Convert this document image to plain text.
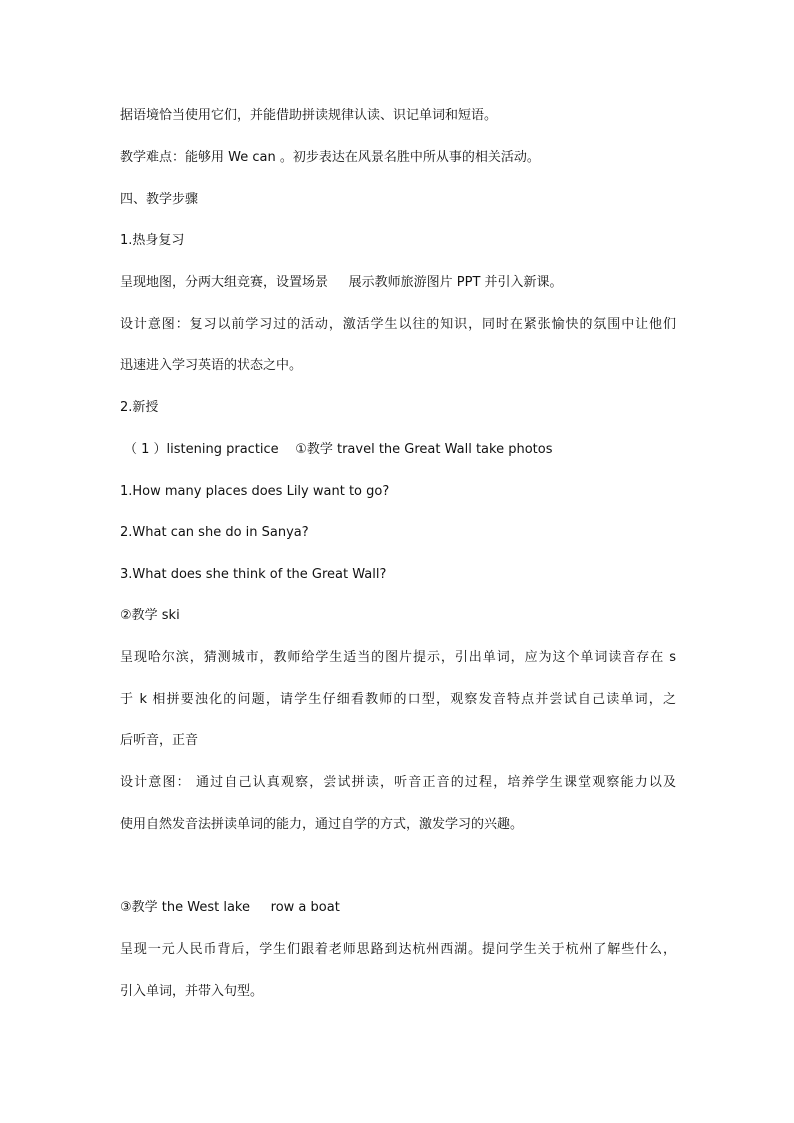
据语境恰当使用它们，并能借助拼读规律认读、识记单词和短语。
教学难点：能够用 We can 。初步表达在风景名胜中所从事的相关活动。
四、教学步骤
1.热身复习
呈现地图，分两大组竞赛，设置场景     展示教师旅游图片 PPT 并引入新课。
设计意图：复习以前学习过的活动，激活学生以往的知识，同时在紧张愉快的氛围中让他们
迅速进入学习英语的状态之中。
2.新授
（ 1 ）listening practice    ①教学 travel the Great Wall take photos
1.How many places does Lily want to go?
2.What can she do in Sanya?
3.What does she think of the Great Wall?
②教学 ski
呈现哈尔滨，猜测城市，教师给学生适当的图片提示，引出单词，应为这个单词读音存在 s
于 k 相拼要浊化的问题，请学生仔细看教师的口型，观察发音特点并尝试自己读单词，之
后听音，正音
设计意图： 通过自己认真观察，尝试拼读，听音正音的过程，培养学生课堂观察能力以及
使用自然发音法拼读单词的能力，通过自学的方式，激发学习的兴趣。
③教学 the West lake     row a boat
呈现一元人民币背后，学生们跟着老师思路到达杭州西湖。提问学生关于杭州了解些什么，
引入单词，并带入句型。
